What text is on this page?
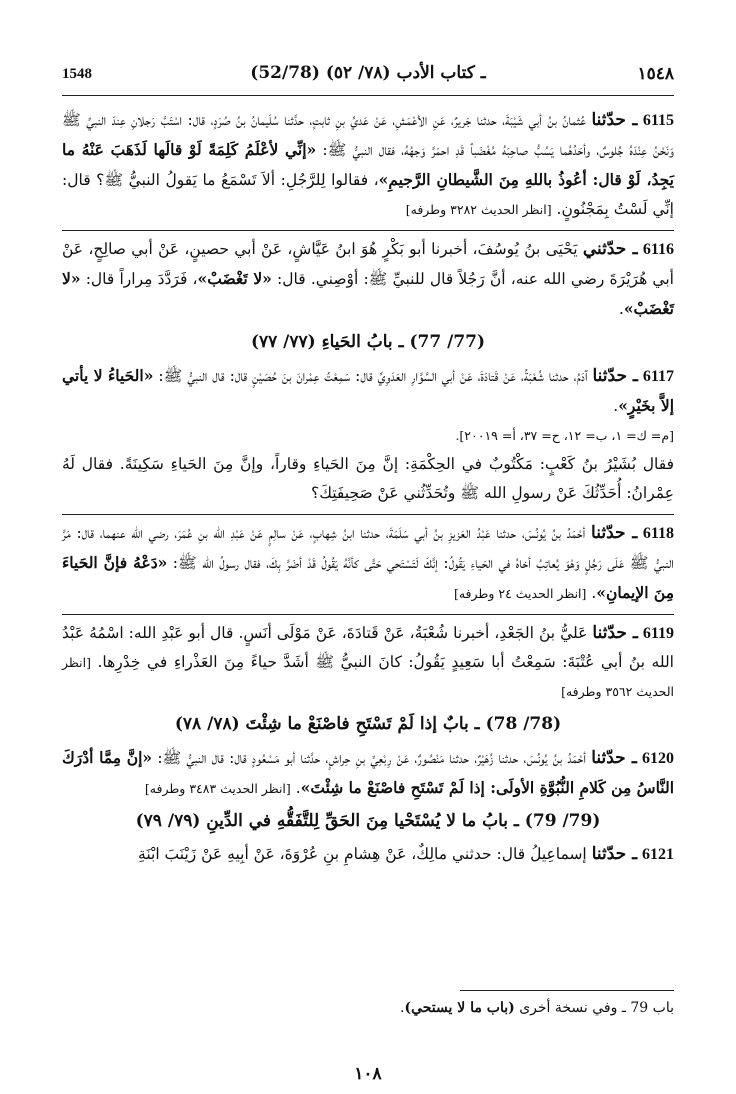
1548	(52/78) ـ كتاب الأدب (٧٨/ ٥٢)	١٥٤٨

6115 ـ حدّثنا عُثمانُ بنُ أبي شَيْبَةَ، حدثنا جَريرٌ، عَنِ الأعْمَشِ، عَنْ عَديِّ بنِ ثابتٍ، حدَّثنا سُلَيمانُ بنُ صُرَدٍ، قال: اسْتَبَّ رَجلانِ عِندَ النبيِّ ﷺ وَنَحْنُ عِنْدَهُ جُلوسٌ، وأحَدُهُما يَسُبُّ صاحِبَهُ مُغْضَباً قَدِ احمَرَّ وَجهُهُ، فقال النبيُّ ﷺ: «إنِّي لأعْلَمُ كَلِمَةً لَوْ قالَها لَذَهَبَ عَنْهُ ما يَجِدُ، لَوْ قال: أعُوذُ باللهِ مِنَ الشَّيطانِ الرَّجيمِ»، فقالوا لِلرَّجُلِ: ألاَ تَسْمَعُ ما يَقولُ النبيُّ ﷺ؟ قال: إنِّي لَسْتُ بِمَجْنُونٍ. [انظر الحديث ٣٢٨٢ وطرفه]

6116 ـ حدّثني يَحْيَى بنُ يُوسُفَ، أخبرنا أبو بَكْرٍ هُوَ ابنُ عَيَّاشٍ، عَنْ أبي حصينٍ، عَنْ أبي صالِحٍ، عَنْ أبي هُرَيْرَةَ رضي الله عنه، أنَّ رَجُلاً قال للنبيِّ ﷺ: أوْصِني. قال: «لا تَغْضَبْ»، فَرَدَّدَ مِراراً قال: «لا تَغْضَبْ».

(77/ 77) ـ بابُ الحَياءِ (٧٧/ ٧٧)

6117 ـ حدّثنا آدَمُ، حدثنا شُعْبَةُ، عَنْ قَتادَةَ، عَنْ أبي السَّوَّارِ العَدَوِيِّ قال: سَمِعْتُ عِمْرانَ بنَ حُصَيْنٍ قال: قال النبيُّ ﷺ: «الحَياءُ لا يأتي إلاَّ بخَيْرٍ».

[م= ك= ١، ب= ١٢، ح= ٣٧، أ= ٢٠٠١٩].

فقال بُشَيْرُ بنُ كَعْبٍ: مَكْتُوبٌ في الحِكْمَةِ: إنَّ مِنَ الحَياءِ وقاراً، وإنَّ مِنَ الحَياءِ سَكِينَةً. فقال لَهُ عِمْرانُ: أُحَدِّثُكَ عَنْ رسولِ الله ﷺ وتُحَدِّثُني عَنْ صَحِيفَتِكَ؟

6118 ـ حدّثنا أحْمَدُ بنُ يُونُسَ، حدثنا عَبْدُ العَزيزِ بنُ أبي سَلَمَةَ، حدثنا ابنُ شِهابٍ، عَنْ سالِمٍ عَنْ عَبْدِ الله بنِ عُمَرَ، رضي الله عنهما، قال: مَرَّ النبيُّ ﷺ عَلَى رَجُلٍ وَهْوَ يُعاتِبُ أخاهُ في الحَياءِ يَقُولُ: إنَّكَ لَتَسْتَحي حَتَّى كأنَّهُ يَقُولُ قَدْ أضَرَّ بِكَ، فقال رسولُ الله ﷺ: «دَعْهُ فإنَّ الحَياءَ مِنَ الإيمانِ». [انظر الحديث ٢٤ وطرفه]

6119 ـ حدّثنا عَليُّ بنُ الجَعْدِ، أخبرنا شُعْبَةُ، عَنْ قَتادَةَ، عَنْ مَوْلَى أنَسٍ. قال أبو عَبْدِ الله: اسْمُهُ عَبْدُ الله بنُ أبي عُتْبَةَ: سَمِعْتُ أبا سَعِيدٍ يَقُولُ: كانَ النبيُّ ﷺ أشَدَّ حياءً مِنَ العَذْراءِ في خِدْرِها. [انظر الحديث ٣٥٦٢ وطرفه]

(78/ 78) ـ بابٌ إذا لَمْ تَسْتَحِ فاصْنَعْ ما شِئْتَ (٧٨/ ٧٨)

6120 ـ حدّثنا أحْمَدُ بنُ يُونُسَ، حدثنا زُهَيْرٌ، حدثنا مَنْصُورٌ، عَنْ رِبْعِيِّ بنِ حِراشٍ، حدَّثنا أبو مَسْعُودٍ قال: قال النبيُّ ﷺ: «إنَّ مِمَّا أدْرَكَ النَّاسُ مِن كَلامِ النُّبُوَّةِ الأولَى: إذا لَمْ تَسْتَحِ فاصْنَعْ ما شِئْتَ». [انظر الحديث ٣٤٨٣ وطرفه]

(79/ 79) ـ بابُ ما لا يُسْتَحْيا مِنَ الحَقِّ لِلتَّفَقُّهِ في الدِّينِ (٧٩/ ٧٩)

6121 ـ حدّثنا إسماعِيلُ قال: حدثني مالِكٌ، عَنْ هِشامِ بنِ عُرْوَةَ، عَنْ أبِيهِ عَنْ زَيْنَبَ ابْنَةِ

باب 79 ـ وفي نسخة أخرى (باب ما لا يستحي).
١٠٨
